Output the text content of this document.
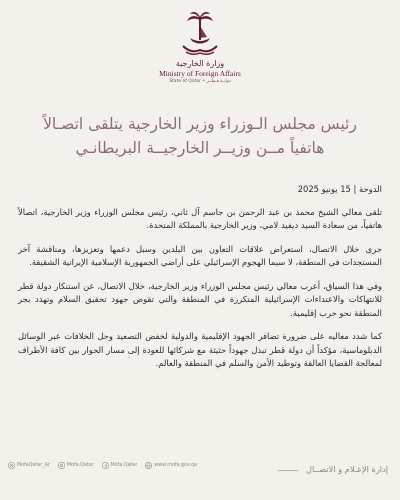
وزارة الخارجية
Ministry of Foreign Affairs
State of Qatar • دولــة قـطــر
رئيس مجلس الـوزراء وزير الخارجية يتلقى اتصـالاً
هاتفياً مــن وزيــر الخارجيــة البريطانـي

الدوحة | 15 يونيو 2025

تلقى معالي الشيخ محمد بن عبد الرحمن بن جاسم آل ثاني، رئيس مجلس الوزراء وزير الخارجية، اتصالاً هاتفياً، من سعادة السيد ديفيد لامي، وزير الخارجية بالمملكة المتحدة.

جرى خلال الاتصال، استعراض علاقات التعاون بين البلدين وسبل دعمها وتعزيزها، ومناقشة آخر المستجدات في المنطقة، لا سيما الهجوم الإسرائيلي على أراضي الجمهورية الإسلامية الإيرانية الشقيقة.

وفي هذا السياق، أعرب معالي رئيس مجلس الوزراء وزير الخارجية، خلال الاتصال، عن استنكار دولة قطر للانتهاكات والاعتداءات الإسرائيلية المتكررة في المنطقة والتي تقوض جهود تحقيق السلام وتهدد بجر المنطقة نحو حرب إقليمية.

كما شدد معاليه على ضرورة تضافر الجهود الإقليمية والدولية لخفض التصعيد وحل الخلافات عبر الوسائل الدبلوماسية، مؤكداً أن دولة قطر تبذل جهوداً حثيثة مع شركائها للعودة إلى مسار الحوار بين كافة الأطراف لمعالجة القضايا العالقة وتوطيد الأمن والسلم في المنطقة والعالم.

MofaQatar_Ar	Mofa.Qatar	Mofa.Qatar	www.mofa.gov.qa	إدارة الإعـلام و الاتصــال
